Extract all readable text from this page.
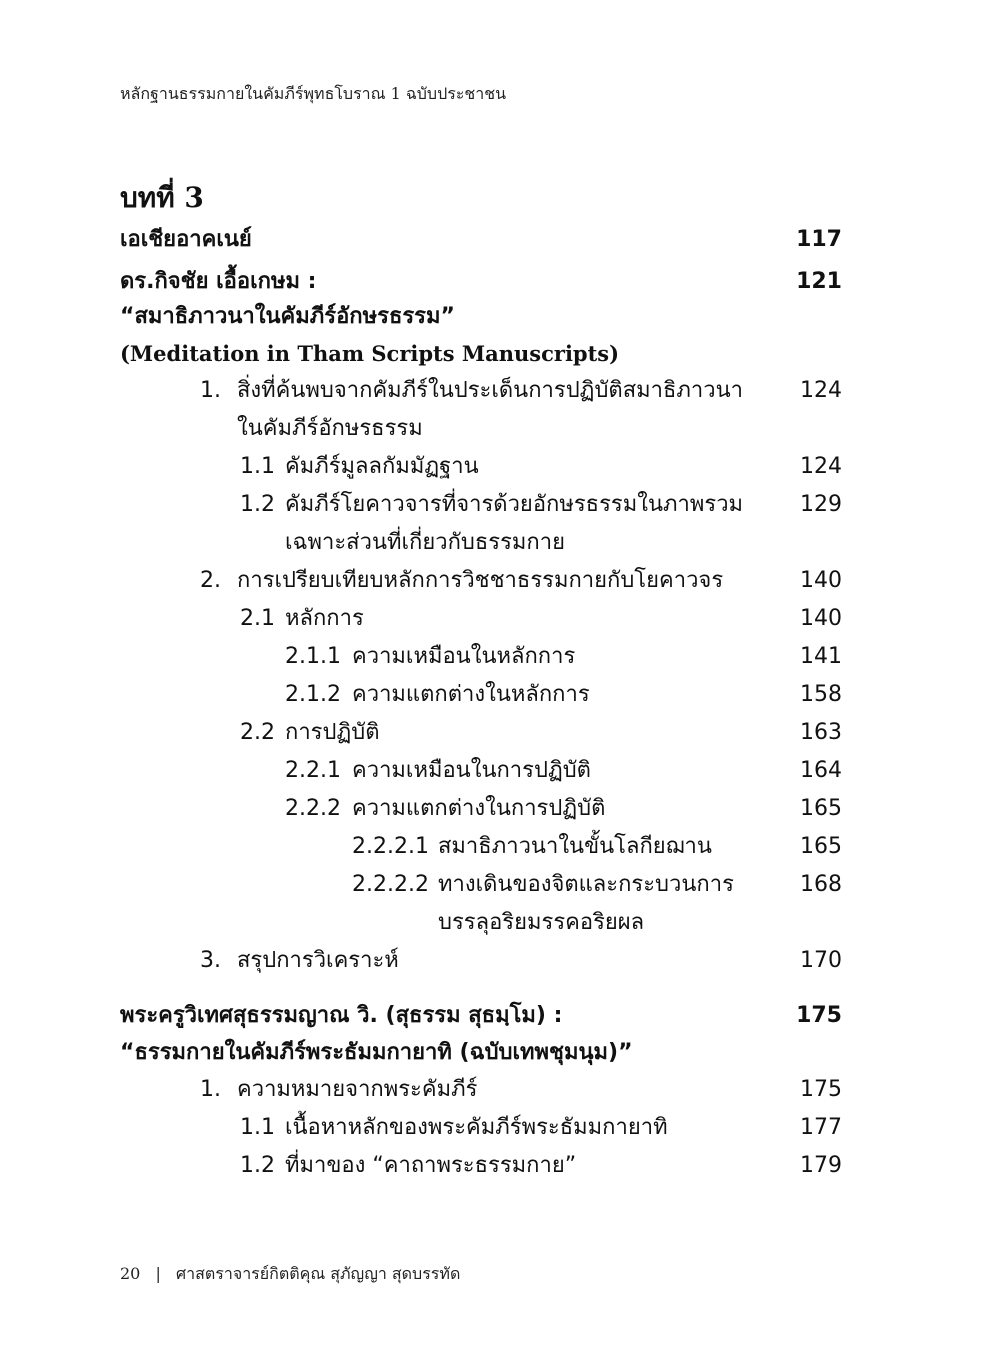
หลักฐานธรรมกายในคัมภีร์พุทธโบราณ 1 ฉบับประชาชน
บทที่ 3
เอเชียอาคเนย์	117
ดร.กิจชัย เอื้อเกษม :	121
“สมาธิภาวนาในคัมภีร์อักษรธรรม”
(Meditation in Tham Scripts Manuscripts)
1. สิ่งที่ค้นพบจากคัมภีร์ในประเด็นการปฏิบัติสมาธิภาวนา	124
ในคัมภีร์อักษรธรรม
1.1 คัมภีร์มูลลกัมมัฏฐาน	124
1.2 คัมภีร์โยคาวจารที่จารด้วยอักษรธรรมในภาพรวม	129
เฉพาะส่วนที่เกี่ยวกับธรรมกาย
2. การเปรียบเทียบหลักการวิชชาธรรมกายกับโยคาวจร	140
2.1 หลักการ	140
2.1.1 ความเหมือนในหลักการ	141
2.1.2 ความแตกต่างในหลักการ	158
2.2 การปฏิบัติ	163
2.2.1 ความเหมือนในการปฏิบัติ	164
2.2.2 ความแตกต่างในการปฏิบัติ	165
2.2.2.1 สมาธิภาวนาในขั้นโลกียฌาน	165
2.2.2.2 ทางเดินของจิตและกระบวนการ	168
บรรลุอริยมรรคอริยผล
3. สรุปการวิเคราะห์	170
พระครูวิเทศสุธรรมญาณ วิ. (สุธรรม สุธมฺโม) :	175
“ธรรมกายในคัมภีร์พระธัมมกายาทิ (ฉบับเทพชุมนุม)”
1. ความหมายจากพระคัมภีร์	175
1.1 เนื้อหาหลักของพระคัมภีร์พระธัมมกายาทิ	177
1.2 ที่มาของ “คาถาพระธรรมกาย”	179
20 | ศาสตราจารย์กิตติคุณ สุภัญญา สุดบรรทัด
